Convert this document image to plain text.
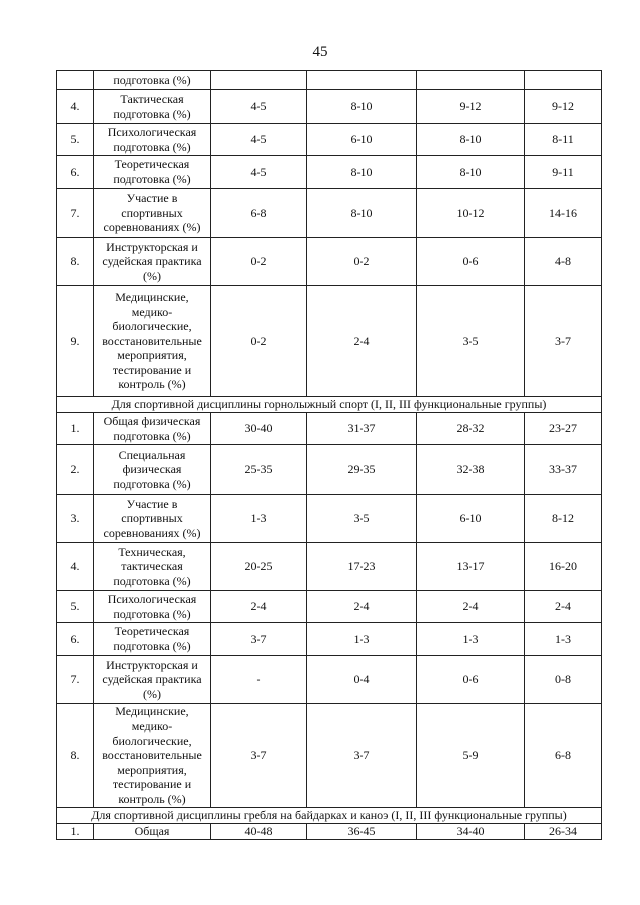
45
	подготовка (%)				
4.	Тактическая подготовка (%)	4-5	8-10	9-12	9-12
5.	Психологическая подготовка (%)	4-5	6-10	8-10	8-11
6.	Теоретическая подготовка (%)	4-5	8-10	8-10	9-11
7.	Участие в спортивных соревнованиях (%)	6-8	8-10	10-12	14-16
8.	Инструкторская и судейская практика (%)	0-2	0-2	0-6	4-8
9.	Медицинские, медико-биологические, восстановительные мероприятия, тестирование и контроль (%)	0-2	2-4	3-5	3-7
Для спортивной дисциплины горнолыжный спорт (I, II, III функциональные группы)					
1.	Общая физическая подготовка (%)	30-40	31-37	28-32	23-27
2.	Специальная физическая подготовка (%)	25-35	29-35	32-38	33-37
3.	Участие в спортивных соревнованиях (%)	1-3	3-5	6-10	8-12
4.	Техническая, тактическая подготовка (%)	20-25	17-23	13-17	16-20
5.	Психологическая подготовка (%)	2-4	2-4	2-4	2-4
6.	Теоретическая подготовка (%)	3-7	1-3	1-3	1-3
7.	Инструкторская и судейская практика (%)	-	0-4	0-6	0-8
8.	Медицинские, медико-биологические, восстановительные мероприятия, тестирование и контроль (%)	3-7	3-7	5-9	6-8
Для спортивной дисциплины гребля на байдарках и каноэ (I, II, III функциональные группы)					
1.	Общая	40-48	36-45	34-40	26-34
